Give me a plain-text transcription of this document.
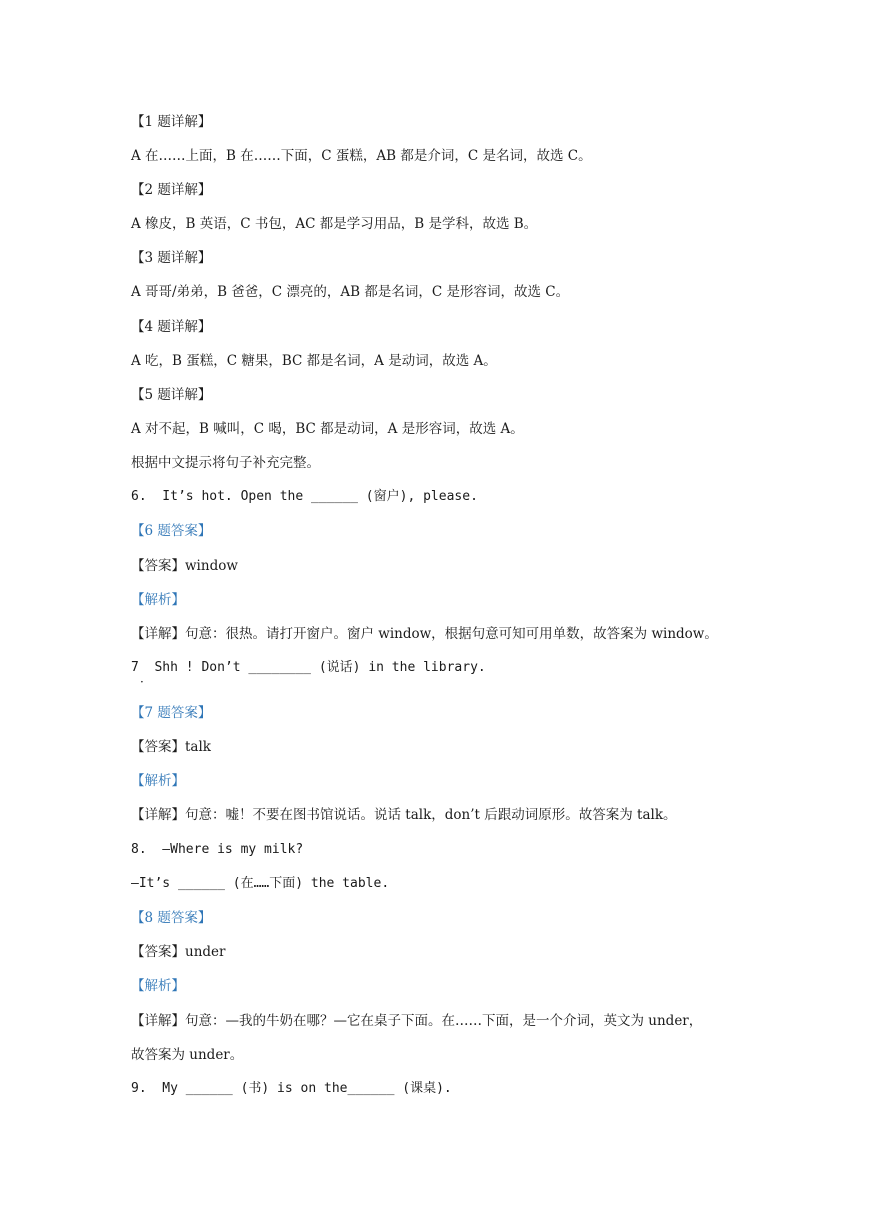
【1 题详解】
A 在……上面，B 在……下面，C 蛋糕，AB 都是介词，C 是名词，故选 C。
【2 题详解】
A 橡皮，B 英语，C 书包，AC 都是学习用品，B 是学科，故选 B。
【3 题详解】
A 哥哥/弟弟，B 爸爸，C 漂亮的，AB 都是名词，C 是形容词，故选 C。
【4 题详解】
A 吃，B 蛋糕，C 糖果，BC 都是名词，A 是动词，故选 A。
【5 题详解】
A 对不起，B 喊叫，C 喝，BC 都是动词，A 是形容词，故选 A。
根据中文提示将句子补充完整。
6.  It’s hot. Open the ______ (窗户), please.
【6 题答案】
【答案】window
【解析】
【详解】句意：很热。请打开窗户。窗户 window，根据句意可知可用单数，故答案为 window。
7  Shh ! Don’t ________ (说话) in the library.
·
【7 题答案】
【答案】talk
【解析】
【详解】句意：嘘！不要在图书馆说话。说话 talk，don’t 后跟动词原形。故答案为 talk。
8.  —Where is my milk?
—It’s ______ (在……下面) the table.
【8 题答案】
【答案】under
【解析】
【详解】句意：—我的牛奶在哪？—它在桌子下面。在……下面，是一个介词，英文为 under，
故答案为 under。
9.  My ______ (书) is on the______ (课桌).
